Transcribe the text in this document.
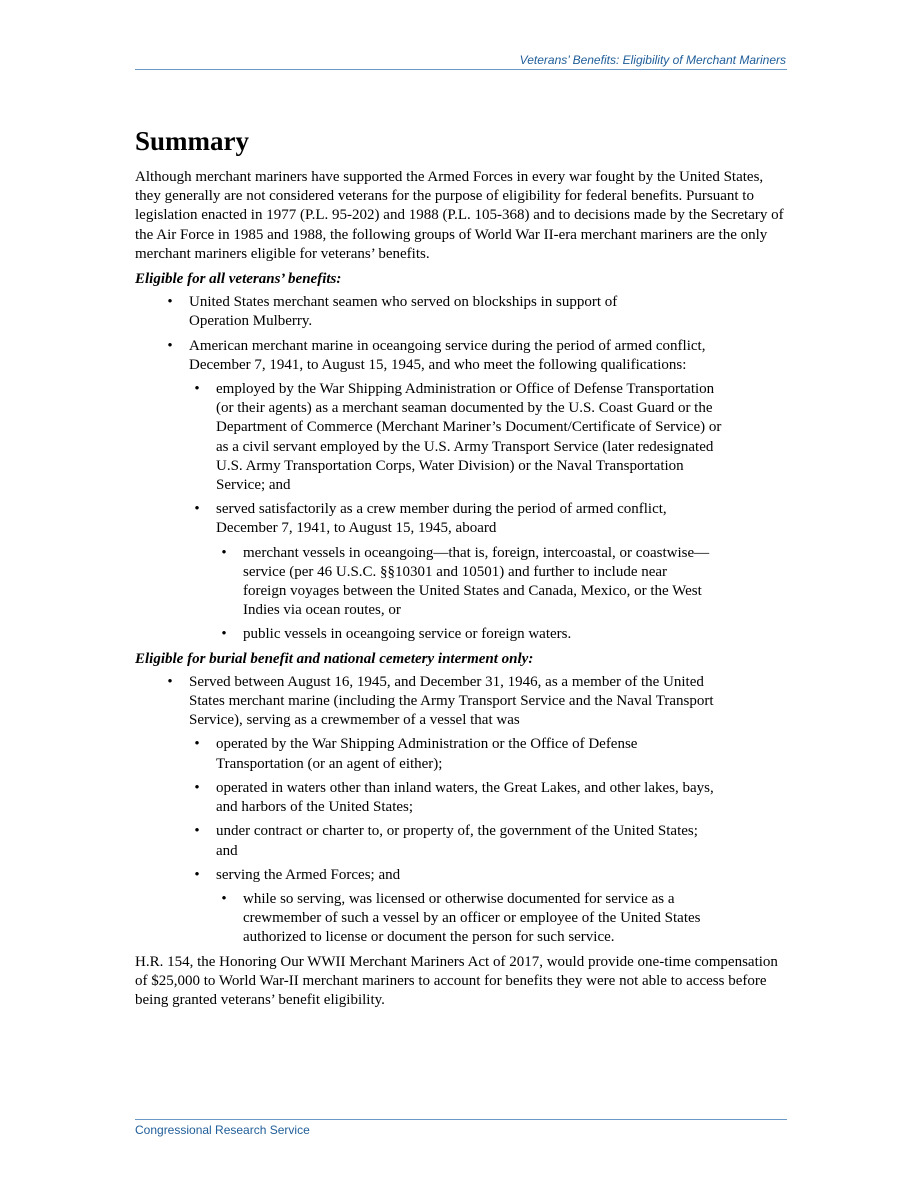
Veterans’ Benefits: Eligibility of Merchant Mariners
Summary

Although merchant mariners have supported the Armed Forces in every war fought by the United States, they generally are not considered veterans for the purpose of eligibility for federal benefits. Pursuant to legislation enacted in 1977 (P.L. 95-202) and 1988 (P.L. 105-368) and to decisions made by the Secretary of the Air Force in 1985 and 1988, the following groups of World War II-era merchant mariners are the only merchant mariners eligible for veterans’ benefits.

Eligible for all veterans’ benefits:

• United States merchant seamen who served on blockships in support of Operation Mulberry.
• American merchant marine in oceangoing service during the period of armed conflict, December 7, 1941, to August 15, 1945, and who meet the following qualifications:
• employed by the War Shipping Administration or Office of Defense Transportation (or their agents) as a merchant seaman documented by the U.S. Coast Guard or the Department of Commerce (Merchant Mariner’s Document/Certificate of Service) or as a civil servant employed by the U.S. Army Transport Service (later redesignated U.S. Army Transportation Corps, Water Division) or the Naval Transportation Service; and
• served satisfactorily as a crew member during the period of armed conflict, December 7, 1941, to August 15, 1945, aboard
• merchant vessels in oceangoing—that is, foreign, intercoastal, or coastwise—service (per 46 U.S.C. §§10301 and 10501) and further to include near foreign voyages between the United States and Canada, Mexico, or the West Indies via ocean routes, or
• public vessels in oceangoing service or foreign waters.

Eligible for burial benefit and national cemetery interment only:

• Served between August 16, 1945, and December 31, 1946, as a member of the United States merchant marine (including the Army Transport Service and the Naval Transport Service), serving as a crewmember of a vessel that was
• operated by the War Shipping Administration or the Office of Defense Transportation (or an agent of either);
• operated in waters other than inland waters, the Great Lakes, and other lakes, bays, and harbors of the United States;
• under contract or charter to, or property of, the government of the United States; and
• serving the Armed Forces; and
• while so serving, was licensed or otherwise documented for service as a crewmember of such a vessel by an officer or employee of the United States authorized to license or document the person for such service.

H.R. 154, the Honoring Our WWII Merchant Mariners Act of 2017, would provide one-time compensation of $25,000 to World War-II merchant mariners to account for benefits they were not able to access before being granted veterans’ benefit eligibility.

Congressional Research Service
